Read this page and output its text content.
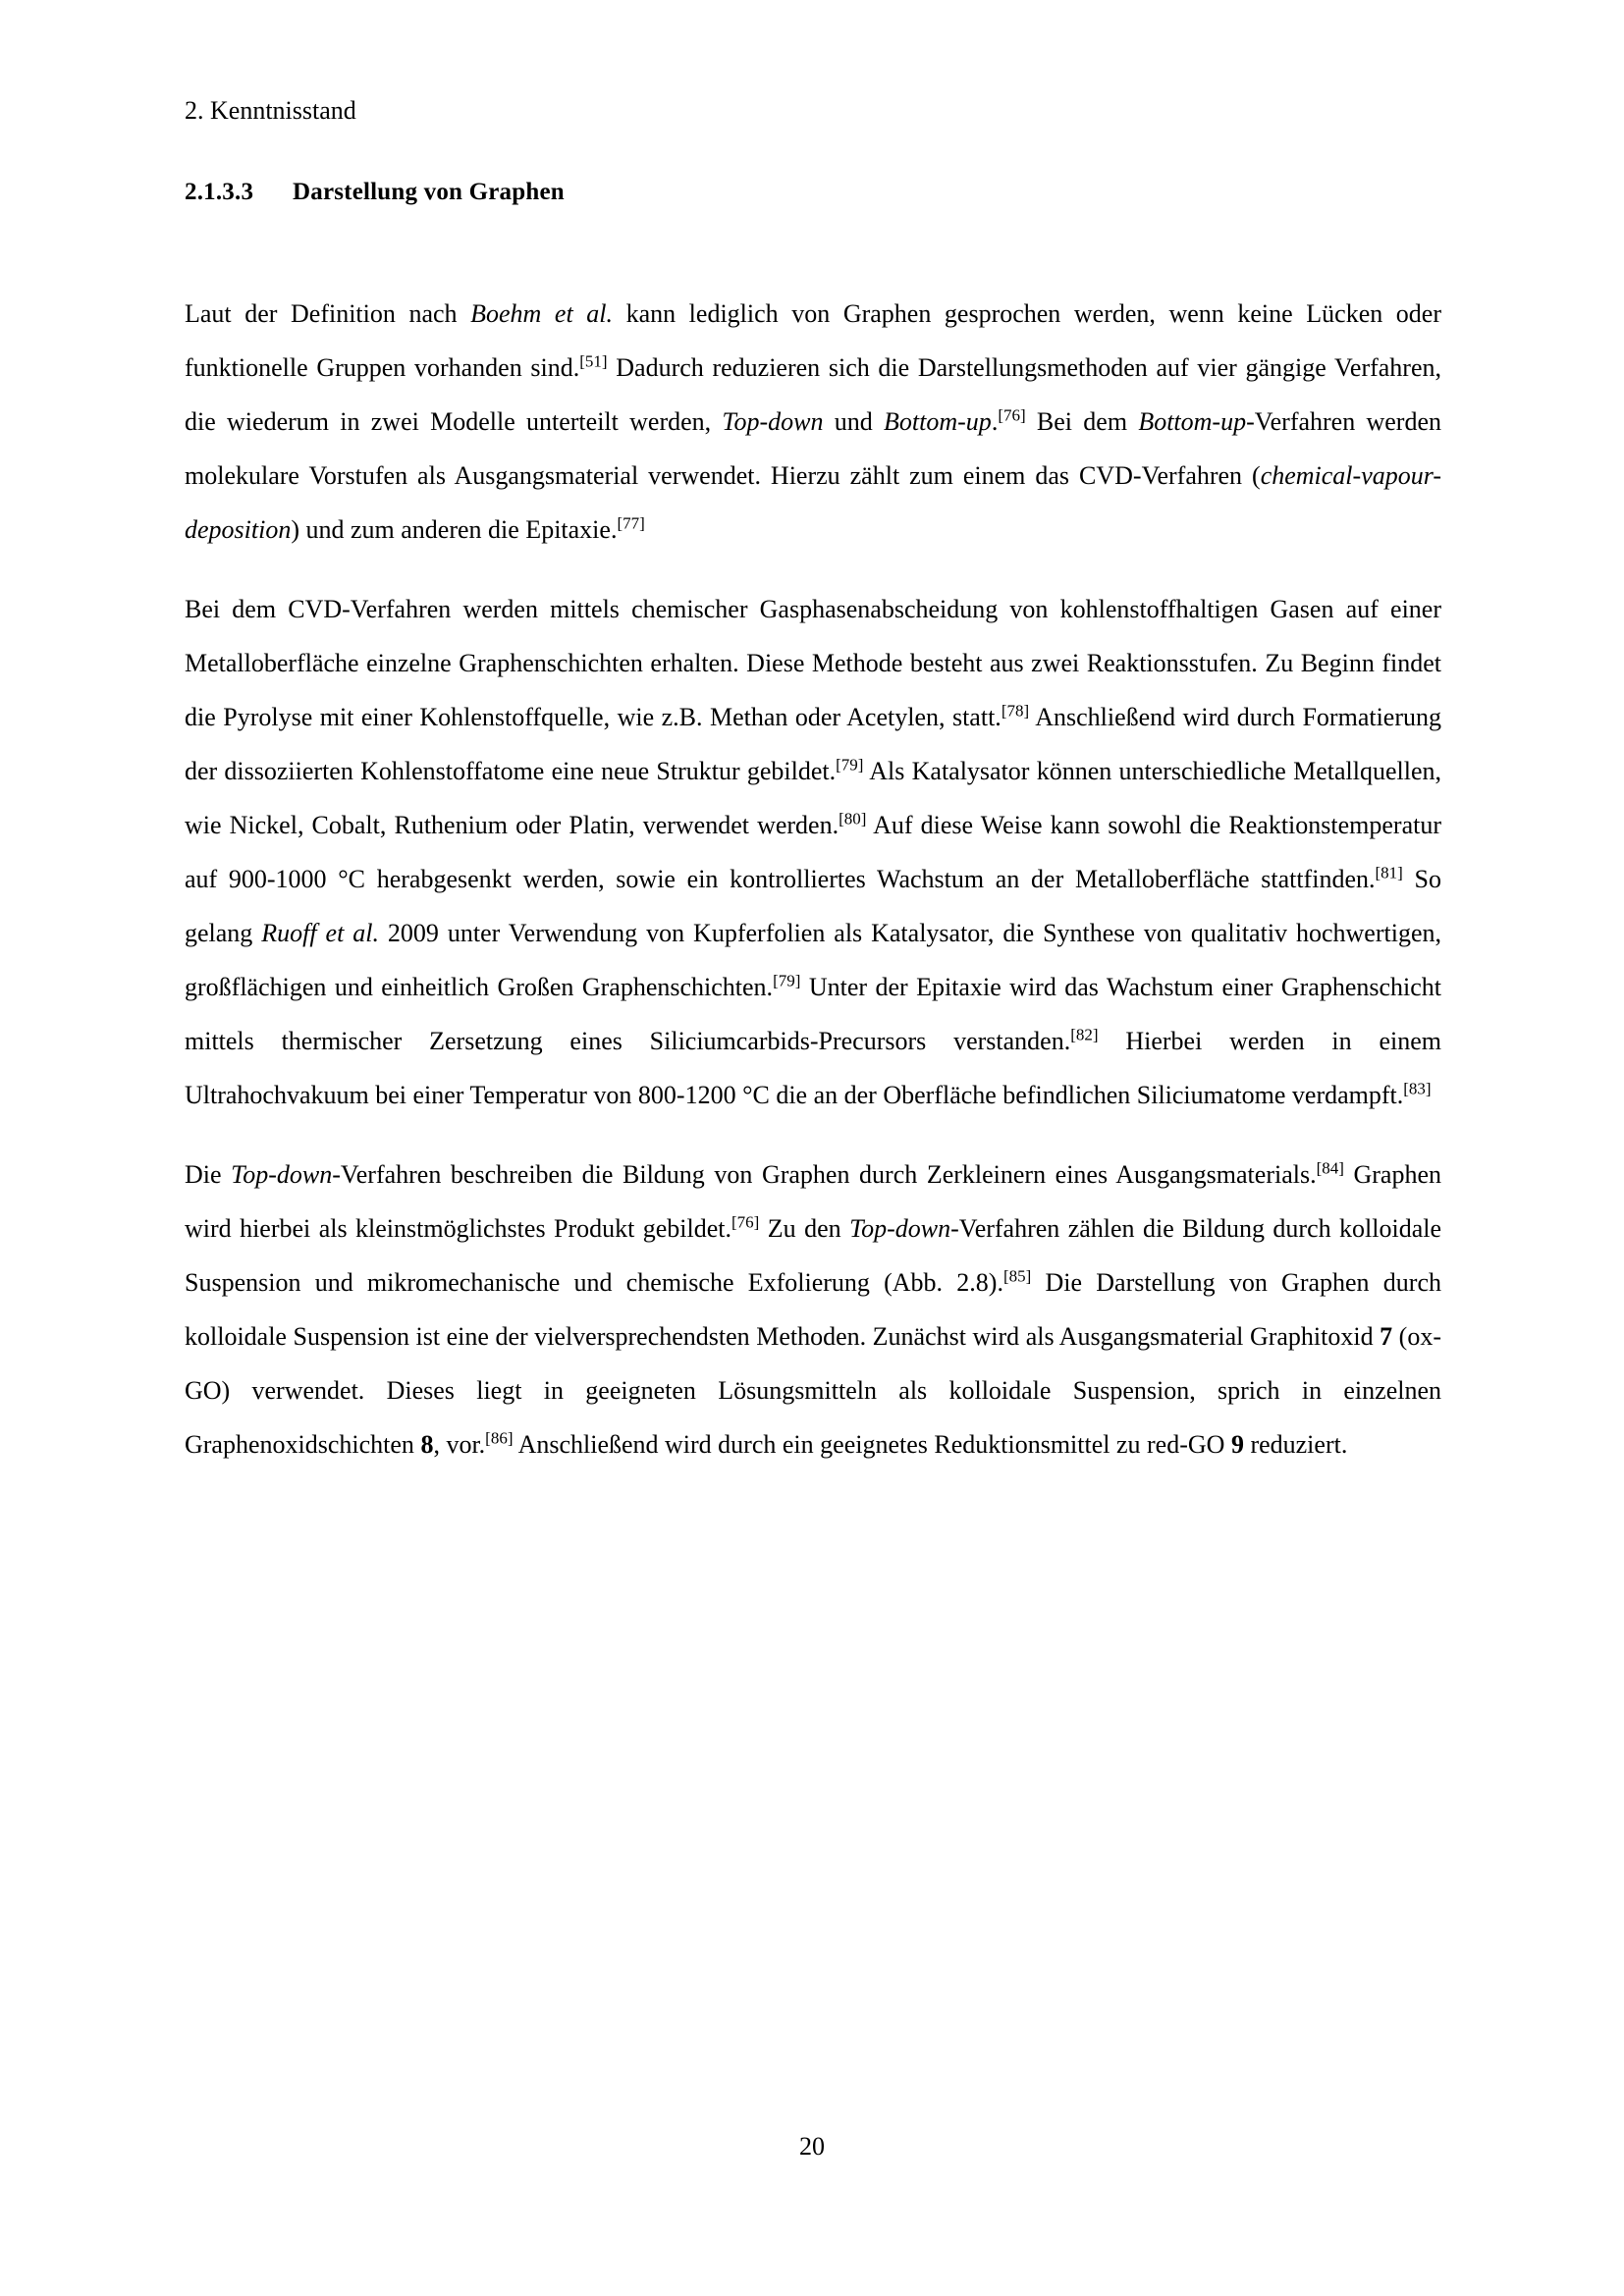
2. Kenntnisstand
2.1.3.3 Darstellung von Graphen

Laut der Definition nach Boehm et al. kann lediglich von Graphen gesprochen werden, wenn keine Lücken oder funktionelle Gruppen vorhanden sind.[51] Dadurch reduzieren sich die Darstellungsmethoden auf vier gängige Verfahren, die wiederum in zwei Modelle unterteilt werden, Top-down und Bottom-up.[76] Bei dem Bottom-up-Verfahren werden molekulare Vorstufen als Ausgangsmaterial verwendet. Hierzu zählt zum einem das CVD-Verfahren (chemical-vapour-deposition) und zum anderen die Epitaxie.[77]

Bei dem CVD-Verfahren werden mittels chemischer Gasphasenabscheidung von kohlenstoffhaltigen Gasen auf einer Metalloberfläche einzelne Graphenschichten erhalten. Diese Methode besteht aus zwei Reaktionsstufen. Zu Beginn findet die Pyrolyse mit einer Kohlenstoffquelle, wie z.B. Methan oder Acetylen, statt.[78] Anschließend wird durch Formatierung der dissoziierten Kohlenstoffatome eine neue Struktur gebildet.[79] Als Katalysator können unterschiedliche Metallquellen, wie Nickel, Cobalt, Ruthenium oder Platin, verwendet werden.[80] Auf diese Weise kann sowohl die Reaktionstemperatur auf 900-1000 °C herabgesenkt werden, sowie ein kontrolliertes Wachstum an der Metalloberfläche stattfinden.[81] So gelang Ruoff et al. 2009 unter Verwendung von Kupferfolien als Katalysator, die Synthese von qualitativ hochwertigen, großflächigen und einheitlich Großen Graphenschichten.[79] Unter der Epitaxie wird das Wachstum einer Graphenschicht mittels thermischer Zersetzung eines Siliciumcarbids-Precursors verstanden.[82] Hierbei werden in einem Ultrahochvakuum bei einer Temperatur von 800-1200 °C die an der Oberfläche befindlichen Siliciumatome verdampft.[83]

Die Top-down-Verfahren beschreiben die Bildung von Graphen durch Zerkleinern eines Ausgangsmaterials.[84] Graphen wird hierbei als kleinstmöglichstes Produkt gebildet.[76] Zu den Top-down-Verfahren zählen die Bildung durch kolloidale Suspension und mikromechanische und chemische Exfolierung (Abb. 2.8).[85] Die Darstellung von Graphen durch kolloidale Suspension ist eine der vielversprechendsten Methoden. Zunächst wird als Ausgangsmaterial Graphitoxid 7 (ox-GO) verwendet. Dieses liegt in geeigneten Lösungsmitteln als kolloidale Suspension, sprich in einzelnen Graphenoxidschichten 8, vor.[86] Anschließend wird durch ein geeignetes Reduktionsmittel zu red-GO 9 reduziert.

20
